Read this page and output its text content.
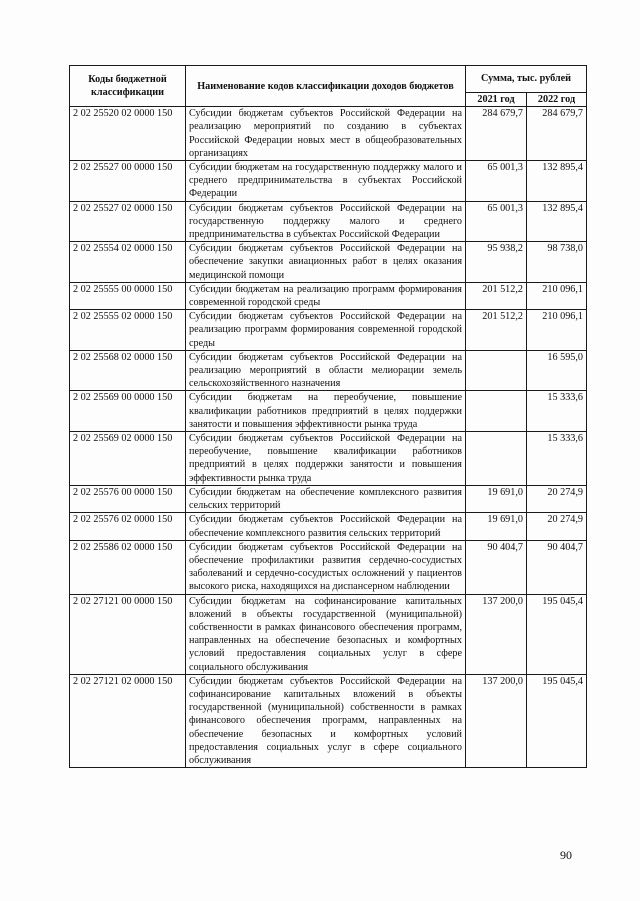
Коды бюджетной классификации	Наименование кодов классификации доходов бюджетов	Сумма, тыс. рублей	
		2021 год	2022 год
2 02 25520 02 0000 150	Субсидии бюджетам субъектов Российской Федерации на реализацию мероприятий по созданию в субъектах Российской Федерации новых мест в общеобразовательных организациях	284 679,7	284 679,7
2 02 25527 00 0000 150	Субсидии бюджетам на государственную поддержку малого и среднего предпринимательства в субъектах Российской Федерации	65 001,3	132 895,4
2 02 25527 02 0000 150	Субсидии бюджетам субъектов Российской Федерации на государственную поддержку малого и среднего предпринимательства в субъектах Российской Федерации	65 001,3	132 895,4
2 02 25554 02 0000 150	Субсидии бюджетам субъектов Российской Федерации на обеспечение закупки авиационных работ в целях оказания медицинской помощи	95 938,2	98 738,0
2 02 25555 00 0000 150	Субсидии бюджетам на реализацию программ формирования современной городской среды	201 512,2	210 096,1
2 02 25555 02 0000 150	Субсидии бюджетам субъектов Российской Федерации на реализацию программ формирования современной городской среды	201 512,2	210 096,1
2 02 25568 02 0000 150	Субсидии бюджетам субъектов Российской Федерации на реализацию мероприятий в области мелиорации земель сельскохозяйственного назначения		16 595,0
2 02 25569 00 0000 150	Субсидии бюджетам на переобучение, повышение квалификации работников предприятий в целях поддержки занятости и повышения эффективности рынка труда		15 333,6
2 02 25569 02 0000 150	Субсидии бюджетам субъектов Российской Федерации на переобучение, повышение квалификации работников предприятий в целях поддержки занятости и повышения эффективности рынка труда		15 333,6
2 02 25576 00 0000 150	Субсидии бюджетам на обеспечение комплексного развития сельских территорий	19 691,0	20 274,9
2 02 25576 02 0000 150	Субсидии бюджетам субъектов Российской Федерации на обеспечение комплексного развития сельских территорий	19 691,0	20 274,9
2 02 25586 02 0000 150	Субсидии бюджетам субъектов Российской Федерации на обеспечение профилактики развития сердечно-сосудистых заболеваний и сердечно-сосудистых осложнений у пациентов высокого риска, находящихся на диспансерном наблюдении	90 404,7	90 404,7
2 02 27121 00 0000 150	Субсидии бюджетам на софинансирование капитальных вложений в объекты государственной (муниципальной) собственности в рамках финансового обеспечения программ, направленных на обеспечение безопасных и комфортных условий предоставления социальных услуг в сфере социального обслуживания	137 200,0	195 045,4
2 02 27121 02 0000 150	Субсидии бюджетам субъектов Российской Федерации на софинансирование капитальных вложений в объекты государственной (муниципальной) собственности в рамках финансового обеспечения программ, направленных на обеспечение безопасных и комфортных условий предоставления социальных услуг в сфере социального обслуживания	137 200,0	195 045,4
90
